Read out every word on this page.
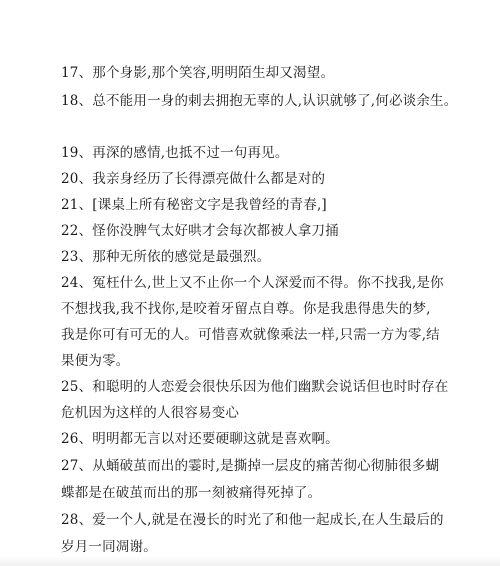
17、那个身影,那个笑容,明明陌生却又渴望。
18、总不能用一身的刺去拥抱无辜的人,认识就够了,何必谈余生。
19、再深的感情,也抵不过一句再见。
20、我亲身经历了长得漂亮做什么都是对的
21、[课桌上所有秘密文字是我曾经的青春,]
22、怪你没脾气太好哄才会每次都被人拿刀捅
23、那种无所依的感觉是最强烈。
24、冤枉什么,世上又不止你一个人深爱而不得。你不找我,是你
不想找我,我不找你,是咬着牙留点自尊。你是我患得患失的梦,
我是你可有可无的人。可惜喜欢就像乘法一样,只需一方为零,结
果便为零。
25、和聪明的人恋爱会很快乐因为他们幽默会说话但也时时存在
危机因为这样的人很容易变心
26、明明都无言以对还要硬聊这就是喜欢啊。
27、从蛹破茧而出的霎时,是撕掉一层皮的痛苦彻心彻肺很多蝴
蝶都是在破茧而出的那一刻被痛得死掉了。
28、爱一个人,就是在漫长的时光了和他一起成长,在人生最后的
岁月一同凋谢。
